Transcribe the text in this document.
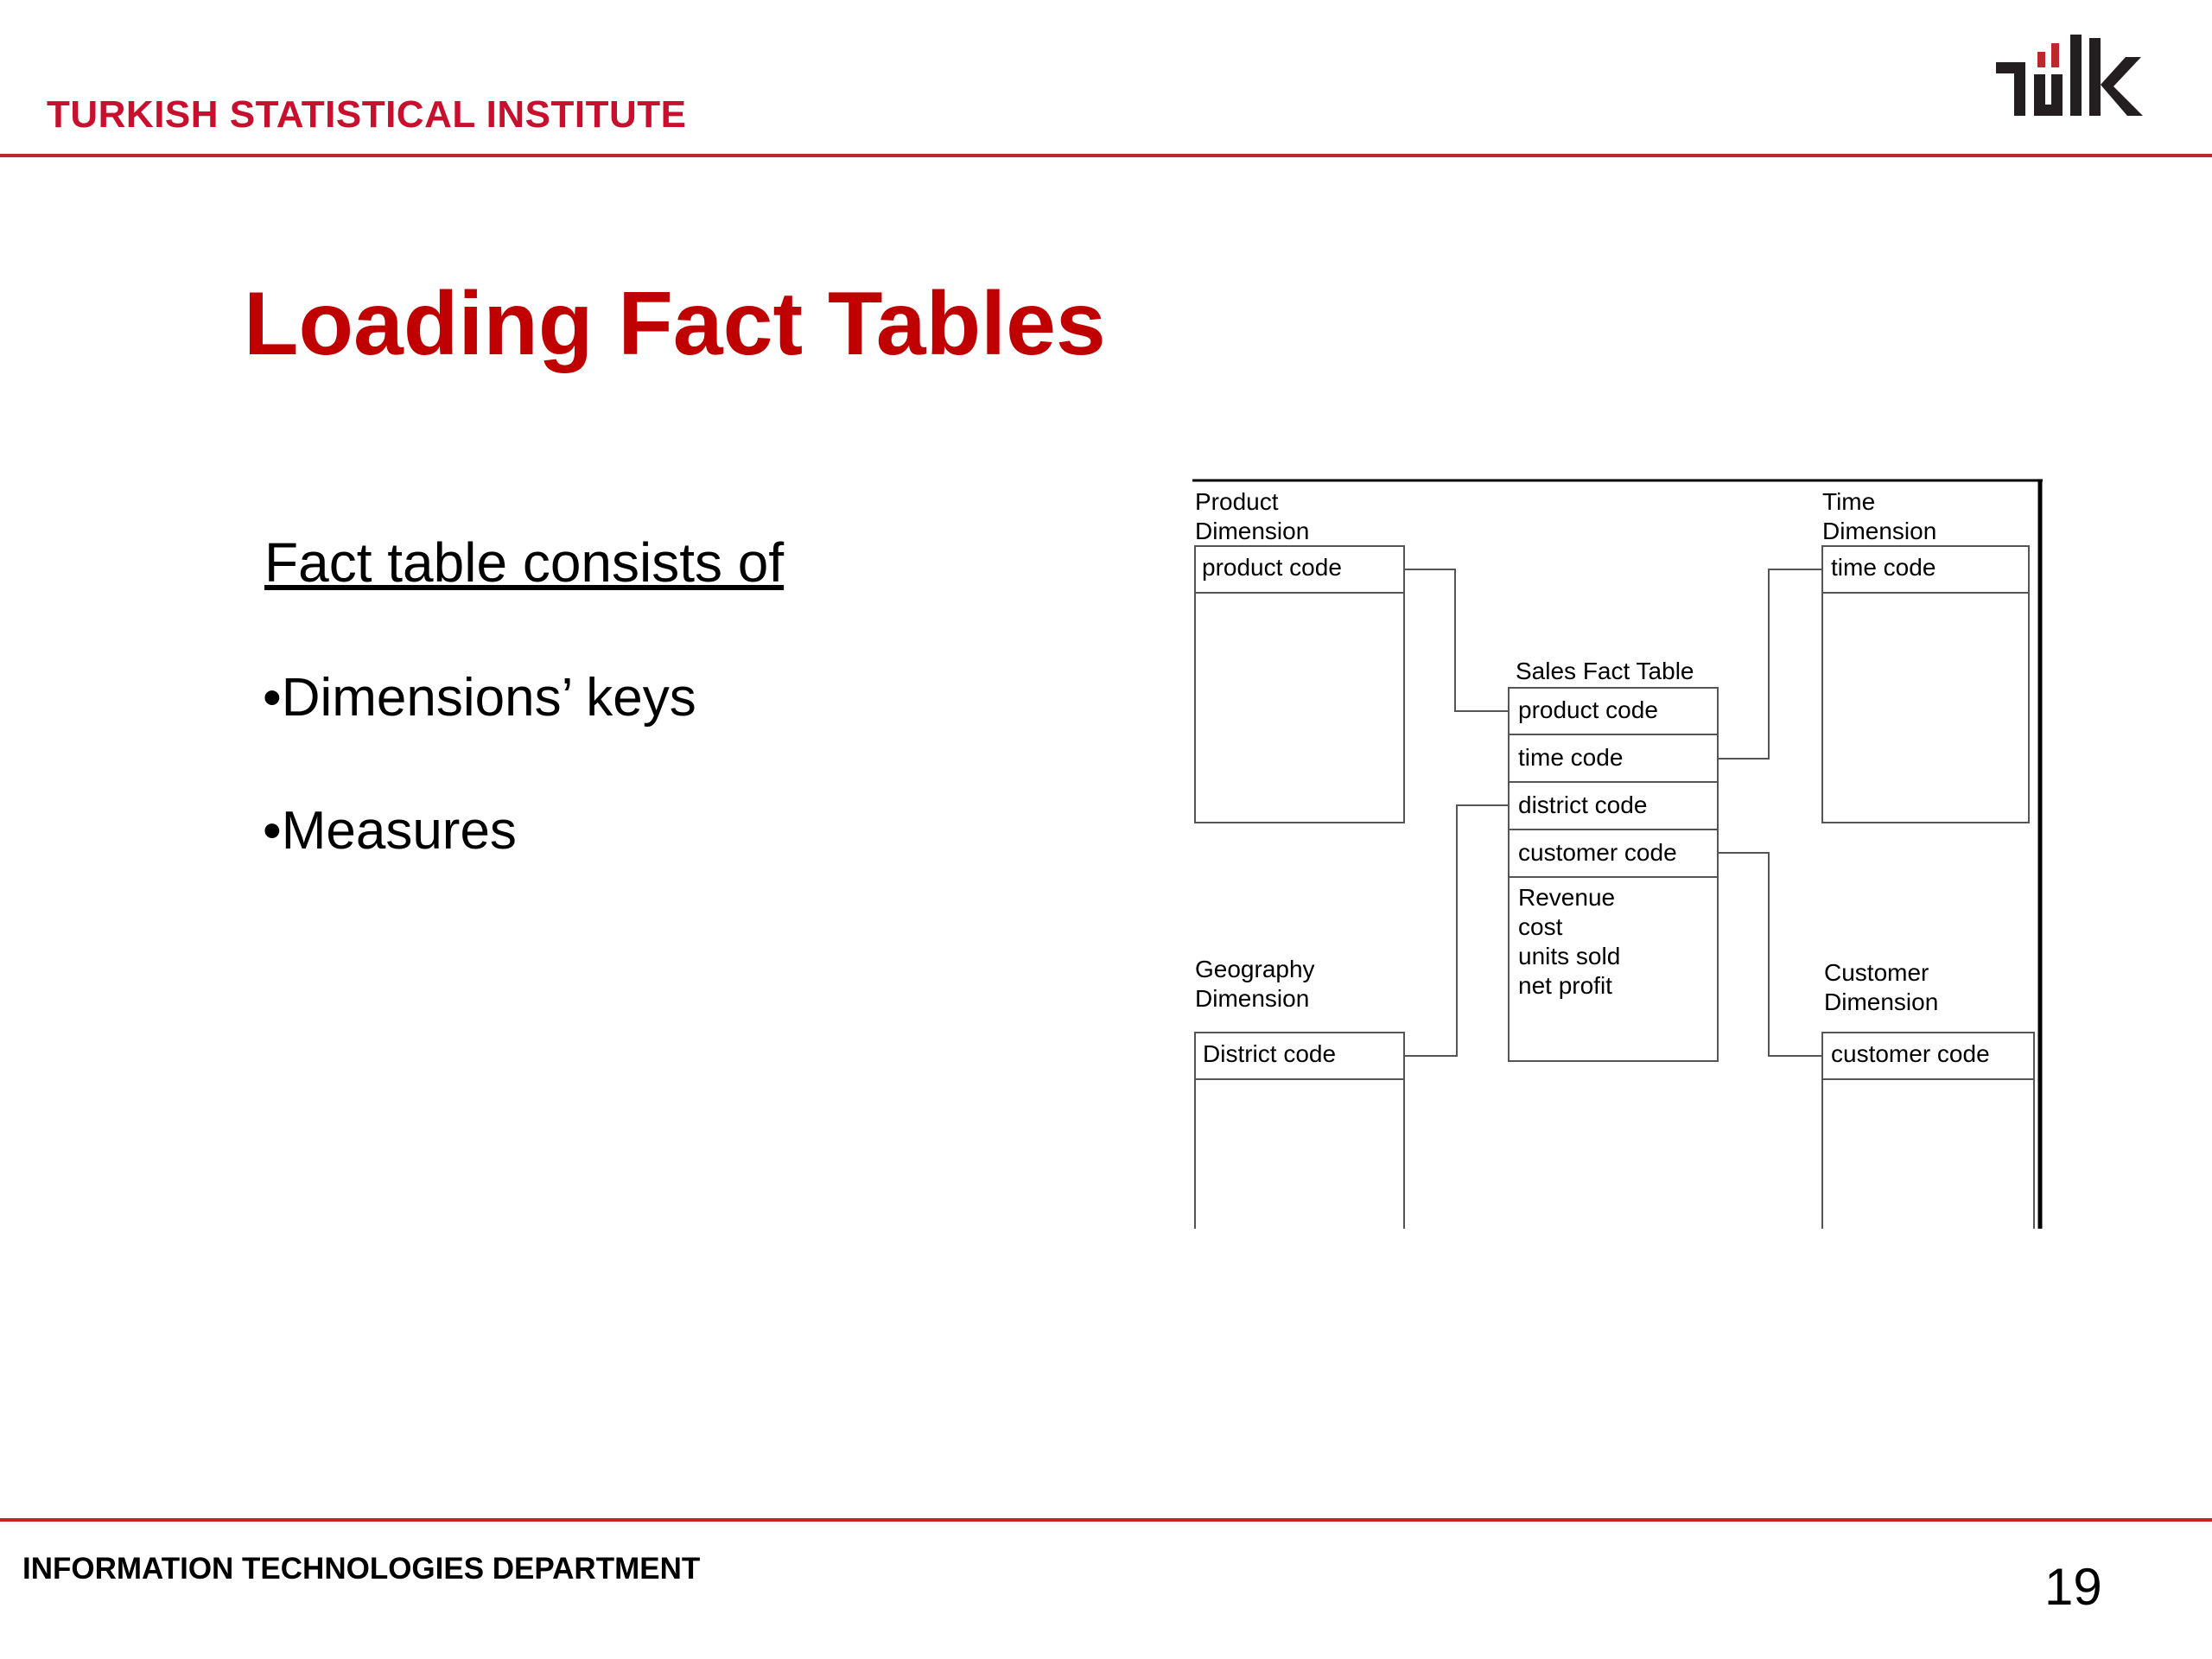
TURKISH STATISTICAL INSTITUTE
Loading Fact Tables
Fact table consists of
•Dimensions’ keys
•Measures
Product
Dimension
product code
Time
Dimension
time code
Sales Fact Table
product code
time code
district code
customer code
Revenue
cost
units sold
net profit
Geography
Dimension
District code
Customer
Dimension
customer code
INFORMATION TECHNOLOGIES DEPARTMENT	19
